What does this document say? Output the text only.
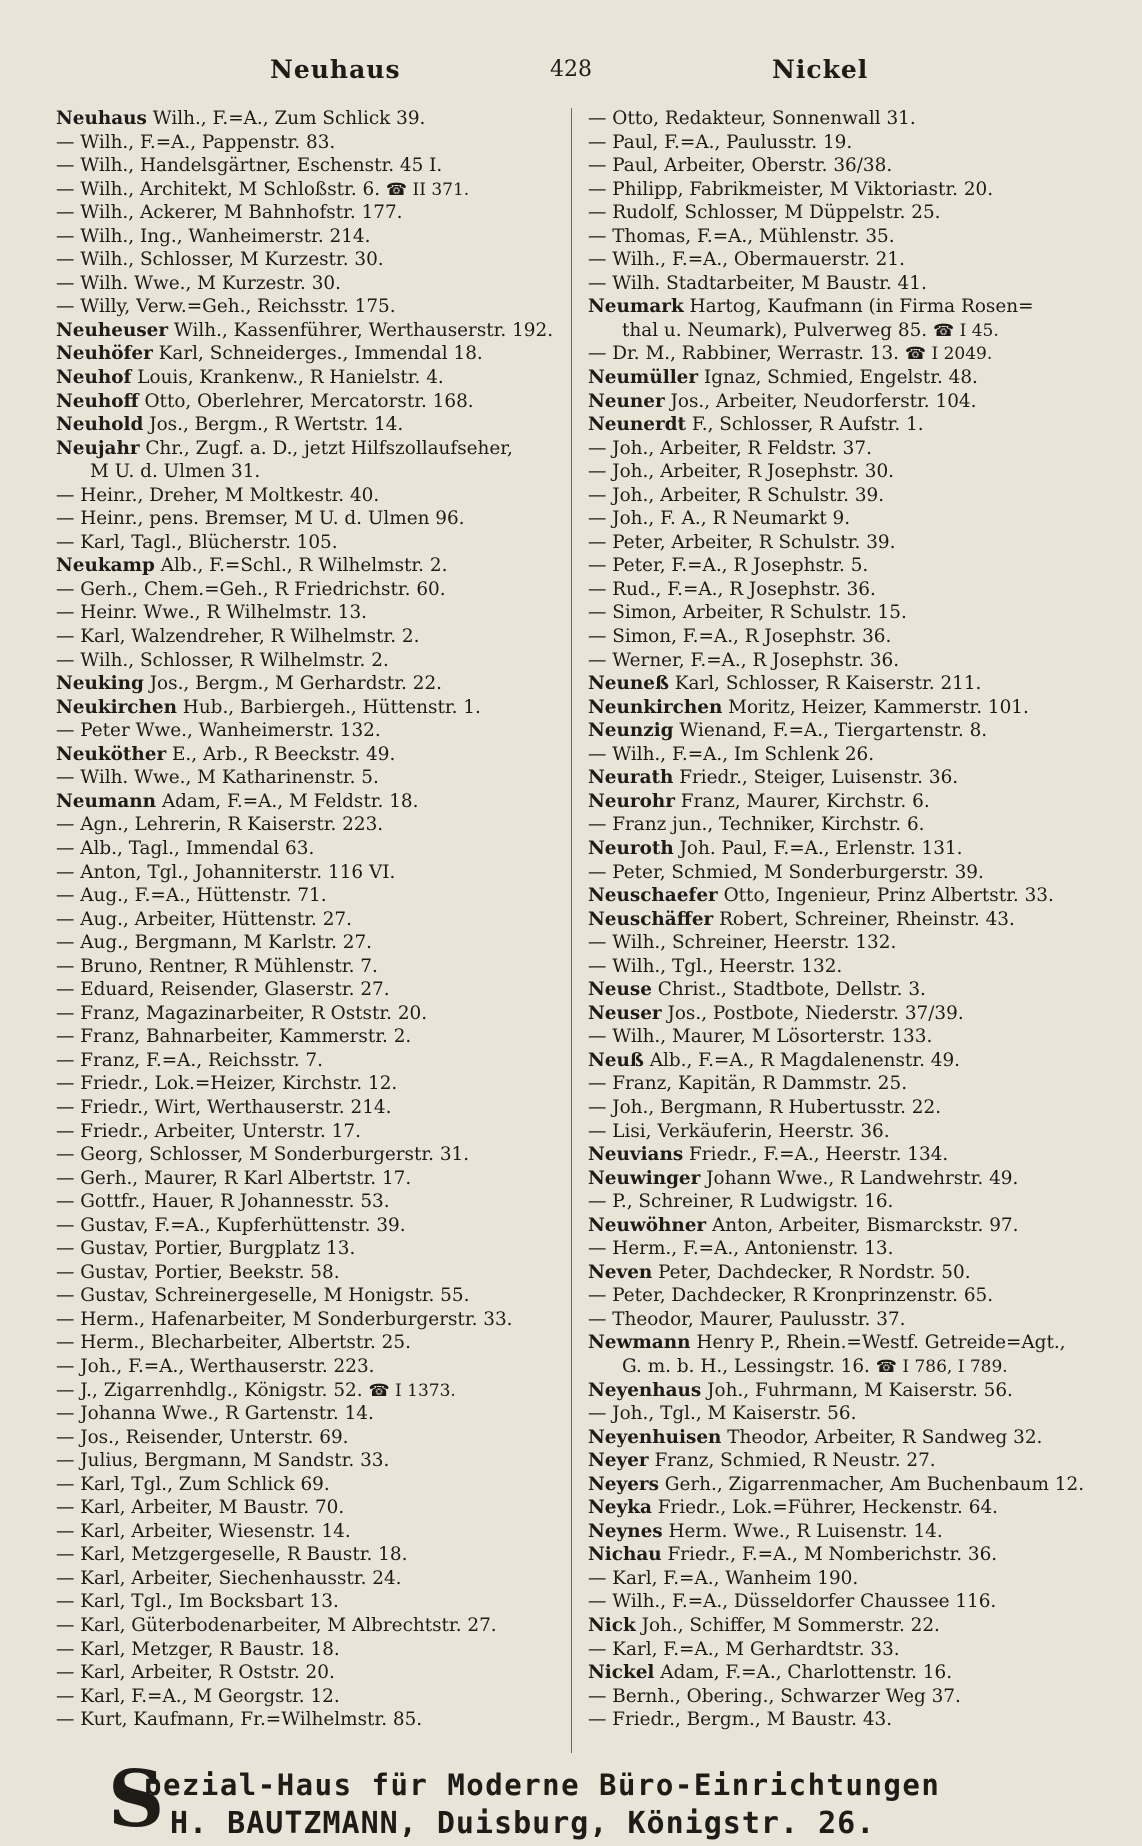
Neuhaus	428	Nickel
Neuhaus Wilh., F.=A., Zum Schlick 39.
— Wilh., F.=A., Pappenstr. 83.
— Wilh., Handelsgärtner, Eschenstr. 45 I.
— Wilh., Architekt, M Schloßstr. 6. ☎ II 371.
— Wilh., Ackerer, M Bahnhofstr. 177.
— Wilh., Ing., Wanheimerstr. 214.
— Wilh., Schlosser, M Kurzestr. 30.
— Wilh. Wwe., M Kurzestr. 30.
— Willy, Verw.=Geh., Reichsstr. 175.
Neuheuser Wilh., Kassenführer, Werthauserstr. 192.
Neuhöfer Karl, Schneiderges., Immendal 18.
Neuhof Louis, Krankenw., R Hanielstr. 4.
Neuhoff Otto, Oberlehrer, Mercatorstr. 168.
Neuhold Jos., Bergm., R Wertstr. 14.
Neujahr Chr., Zugf. a. D., jetzt Hilfszollaufseher,
M U. d. Ulmen 31.
— Heinr., Dreher, M Moltkestr. 40.
— Heinr., pens. Bremser, M U. d. Ulmen 96.
— Karl, Tagl., Blücherstr. 105.
Neukamp Alb., F.=Schl., R Wilhelmstr. 2.
— Gerh., Chem.=Geh., R Friedrichstr. 60.
— Heinr. Wwe., R Wilhelmstr. 13.
— Karl, Walzendreher, R Wilhelmstr. 2.
— Wilh., Schlosser, R Wilhelmstr. 2.
Neuking Jos., Bergm., M Gerhardstr. 22.
Neukirchen Hub., Barbiergeh., Hüttenstr. 1.
— Peter Wwe., Wanheimerstr. 132.
Neuköther E., Arb., R Beeckstr. 49.
— Wilh. Wwe., M Katharinenstr. 5.
Neumann Adam, F.=A., M Feldstr. 18.
— Agn., Lehrerin, R Kaiserstr. 223.
— Alb., Tagl., Immendal 63.
— Anton, Tgl., Johanniterstr. 116 VI.
— Aug., F.=A., Hüttenstr. 71.
— Aug., Arbeiter, Hüttenstr. 27.
— Aug., Bergmann, M Karlstr. 27.
— Bruno, Rentner, R Mühlenstr. 7.
— Eduard, Reisender, Glaserstr. 27.
— Franz, Magazinarbeiter, R Oststr. 20.
— Franz, Bahnarbeiter, Kammerstr. 2.
— Franz, F.=A., Reichsstr. 7.
— Friedr., Lok.=Heizer, Kirchstr. 12.
— Friedr., Wirt, Werthauserstr. 214.
— Friedr., Arbeiter, Unterstr. 17.
— Georg, Schlosser, M Sonderburgerstr. 31.
— Gerh., Maurer, R Karl Albertstr. 17.
— Gottfr., Hauer, R Johannesstr. 53.
— Gustav, F.=A., Kupferhüttenstr. 39.
— Gustav, Portier, Burgplatz 13.
— Gustav, Portier, Beekstr. 58.
— Gustav, Schreinergeselle, M Honigstr. 55.
— Herm., Hafenarbeiter, M Sonderburgerstr. 33.
— Herm., Blecharbeiter, Albertstr. 25.
— Joh., F.=A., Werthauserstr. 223.
— J., Zigarrenhdlg., Königstr. 52. ☎ I 1373.
— Johanna Wwe., R Gartenstr. 14.
— Jos., Reisender, Unterstr. 69.
— Julius, Bergmann, M Sandstr. 33.
— Karl, Tgl., Zum Schlick 69.
— Karl, Arbeiter, M Baustr. 70.
— Karl, Arbeiter, Wiesenstr. 14.
— Karl, Metzgergeselle, R Baustr. 18.
— Karl, Arbeiter, Siechenhausstr. 24.
— Karl, Tgl., Im Bocksbart 13.
— Karl, Güterbodenarbeiter, M Albrechtstr. 27.
— Karl, Metzger, R Baustr. 18.
— Karl, Arbeiter, R Oststr. 20.
— Karl, F.=A., M Georgstr. 12.
— Kurt, Kaufmann, Fr.=Wilhelmstr. 85.
— Otto, Redakteur, Sonnenwall 31.
— Paul, F.=A., Paulusstr. 19.
— Paul, Arbeiter, Oberstr. 36/38.
— Philipp, Fabrikmeister, M Viktoriastr. 20.
— Rudolf, Schlosser, M Düppelstr. 25.
— Thomas, F.=A., Mühlenstr. 35.
— Wilh., F.=A., Obermauerstr. 21.
— Wilh. Stadtarbeiter, M Baustr. 41.
Neumark Hartog, Kaufmann (in Firma Rosen=
thal u. Neumark), Pulverweg 85. ☎ I 45.
— Dr. M., Rabbiner, Werrastr. 13. ☎ I 2049.
Neumüller Ignaz, Schmied, Engelstr. 48.
Neuner Jos., Arbeiter, Neudorferstr. 104.
Neunerdt F., Schlosser, R Aufstr. 1.
— Joh., Arbeiter, R Feldstr. 37.
— Joh., Arbeiter, R Josephstr. 30.
— Joh., Arbeiter, R Schulstr. 39.
— Joh., F. A., R Neumarkt 9.
— Peter, Arbeiter, R Schulstr. 39.
— Peter, F.=A., R Josephstr. 5.
— Rud., F.=A., R Josephstr. 36.
— Simon, Arbeiter, R Schulstr. 15.
— Simon, F.=A., R Josephstr. 36.
— Werner, F.=A., R Josephstr. 36.
Neuneß Karl, Schlosser, R Kaiserstr. 211.
Neunkirchen Moritz, Heizer, Kammerstr. 101.
Neunzig Wienand, F.=A., Tiergartenstr. 8.
— Wilh., F.=A., Im Schlenk 26.
Neurath Friedr., Steiger, Luisenstr. 36.
Neurohr Franz, Maurer, Kirchstr. 6.
— Franz jun., Techniker, Kirchstr. 6.
Neuroth Joh. Paul, F.=A., Erlenstr. 131.
— Peter, Schmied, M Sonderburgerstr. 39.
Neuschaefer Otto, Ingenieur, Prinz Albertstr. 33.
Neuschäffer Robert, Schreiner, Rheinstr. 43.
— Wilh., Schreiner, Heerstr. 132.
— Wilh., Tgl., Heerstr. 132.
Neuse Christ., Stadtbote, Dellstr. 3.
Neuser Jos., Postbote, Niederstr. 37/39.
— Wilh., Maurer, M Lösorterstr. 133.
Neuß Alb., F.=A., R Magdalenenstr. 49.
— Franz, Kapitän, R Dammstr. 25.
— Joh., Bergmann, R Hubertusstr. 22.
— Lisi, Verkäuferin, Heerstr. 36.
Neuvians Friedr., F.=A., Heerstr. 134.
Neuwinger Johann Wwe., R Landwehrstr. 49.
— P., Schreiner, R Ludwigstr. 16.
Neuwöhner Anton, Arbeiter, Bismarckstr. 97.
— Herm., F.=A., Antonienstr. 13.
Neven Peter, Dachdecker, R Nordstr. 50.
— Peter, Dachdecker, R Kronprinzenstr. 65.
— Theodor, Maurer, Paulusstr. 37.
Newmann Henry P., Rhein.=Westf. Getreide=Agt.,
G. m. b. H., Lessingstr. 16. ☎ I 786, I 789.
Neyenhaus Joh., Fuhrmann, M Kaiserstr. 56.
— Joh., Tgl., M Kaiserstr. 56.
Neyenhuisen Theodor, Arbeiter, R Sandweg 32.
Neyer Franz, Schmied, R Neustr. 27.
Neyers Gerh., Zigarrenmacher, Am Buchenbaum 12.
Neyka Friedr., Lok.=Führer, Heckenstr. 64.
Neynes Herm. Wwe., R Luisenstr. 14.
Nichau Friedr., F.=A., M Nomberichstr. 36.
— Karl, F.=A., Wanheim 190.
— Wilh., F.=A., Düsseldorfer Chaussee 116.
Nick Joh., Schiffer, M Sommerstr. 22.
— Karl, F.=A., M Gerhardtstr. 33.
Nickel Adam, F.=A., Charlottenstr. 16.
— Bernh., Obering., Schwarzer Weg 37.
— Friedr., Bergm., M Baustr. 43.
S
pezial-Haus für Moderne Büro-Einrichtungen
H. BAUTZMANN, Duisburg, Königstr. 26.
